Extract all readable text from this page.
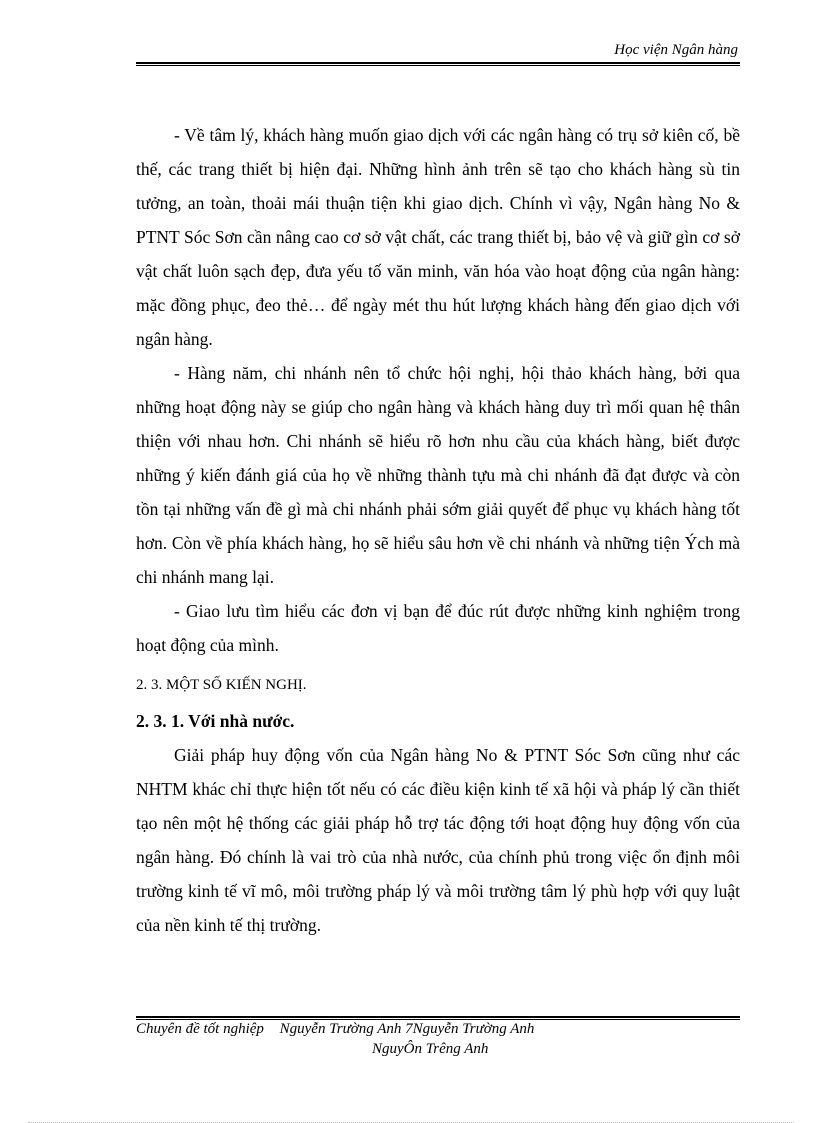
Học viện Ngân hàng

- Về tâm lý, khách hàng muốn giao dịch với các ngân hàng có trụ sở kiên cố, bề thế, các trang thiết bị hiện đại. Những hình ảnh trên sẽ tạo cho khách hàng sù tin tưởng, an toàn, thoải mái thuận tiện khi giao dịch. Chính vì vậy, Ngân hàng No & PTNT Sóc Sơn cần nâng cao cơ sở vật chất, các trang thiết bị, bảo vệ và giữ gìn cơ sở vật chất luôn sạch đẹp, đưa yếu tố văn minh, văn hóa vào hoạt động của ngân hàng: mặc đồng phục, đeo thẻ… để ngày mét thu hút lượng khách hàng đến giao dịch với ngân hàng.

- Hàng năm, chi nhánh nên tổ chức hội nghị, hội thảo khách hàng, bởi qua những hoạt động này se giúp cho ngân hàng và khách hàng duy trì mối quan hệ thân thiện với nhau hơn. Chi nhánh sẽ hiểu rõ hơn nhu cầu của khách hàng, biết được những ý kiến đánh giá của họ về những thành tựu mà chi nhánh đã đạt được và còn tồn tại những vấn đề gì mà chi nhánh phải sớm giải quyết để phục vụ khách hàng tốt hơn. Còn về phía khách hàng, họ sẽ hiểu sâu hơn về chi nhánh và những tiện Ých mà chi nhánh mang lại.

- Giao lưu tìm hiểu các đơn vị bạn để đúc rút được những kinh nghiệm trong hoạt động của mình.

2. 3. MỘT SỐ KIẾN NGHỊ.

2. 3. 1. Với nhà nước.

Giải pháp huy động vốn của Ngân hàng No & PTNT Sóc Sơn cũng như các NHTM khác chỉ thực hiện tốt nếu có các điều kiện kinh tế xã hội và pháp lý cần thiết tạo nên một hệ thống các giải pháp hỗ trợ tác động tới hoạt động huy động vốn của ngân hàng. Đó chính là vai trò của nhà nước, của chính phủ trong việc ổn định môi trường kinh tế vĩ mô, môi trường pháp lý và môi trường tâm lý phù hợp với quy luật của nền kinh tế thị trường.

Chuyên đề tốt nghiệp Nguyễn Trường Anh 7Nguyễn Trường Anh
NguyÔn Trêng Anh
